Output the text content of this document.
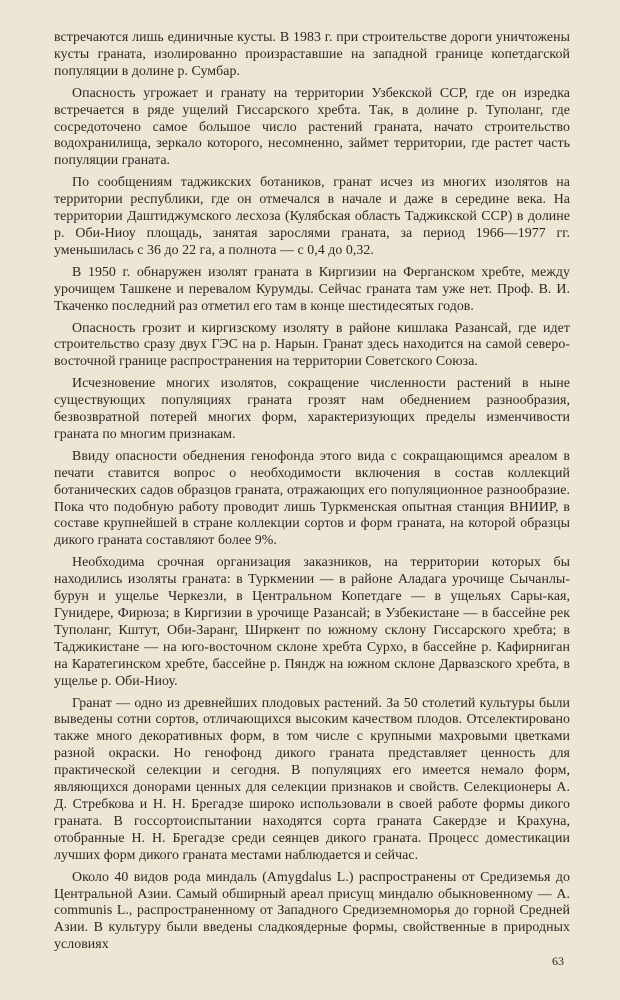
встречаются лишь единичные кусты. В 1983 г. при строительстве дороги уничтожены кусты граната, изолированно произраставшие на западной границе копетдагской популяции в долине р. Сумбар.

Опасность угрожает и гранату на территории Узбекской ССР, где он изредка встречается в ряде ущелий Гиссарского хребта. Так, в долине р. Туполанг, где сосредоточено самое большое число растений граната, начато строительство водохранилища, зеркало которого, несомненно, займет территории, где растет часть популяции граната.

По сообщениям таджикских ботаников, гранат исчез из многих изолятов на территории республики, где он отмечался в начале и даже в середине века. На территории Даштиджумского лесхоза (Кулябская область Таджикской ССР) в долине р. Оби-Ниоу площадь, занятая зарослями граната, за период 1966—1977 гг. уменьшилась с 36 до 22 га, а полнота — с 0,4 до 0,32.

В 1950 г. обнаружен изолят граната в Киргизии на Ферганском хребте, между урочищем Ташкене и перевалом Курумды. Сейчас граната там уже нет. Проф. В. И. Ткаченко последний раз отметил его там в конце шестидесятых годов.

Опасность грозит и киргизскому изоляту в районе кишлака Разансай, где идет строительство сразу двух ГЭС на р. Нарын. Гранат здесь находится на самой северо-восточной границе распространения на территории Советского Союза.

Исчезновение многих изолятов, сокращение численности растений в ныне существующих популяциях граната грозят нам обеднением разнообразия, безвозвратной потерей многих форм, характеризующих пределы изменчивости граната по многим признакам.

Ввиду опасности обеднения генофонда этого вида с сокращающимся ареалом в печати ставится вопрос о необходимости включения в состав коллекций ботанических садов образцов граната, отражающих его популяционное разнообразие. Пока что подобную работу проводит лишь Туркменская опытная станция ВНИИР, в составе крупнейшей в стране коллекции сортов и форм граната, на которой образцы дикого граната составляют более 9%.

Необходима срочная организация заказников, на территории которых бы находились изоляты граната: в Туркмении — в районе Аладага урочище Сычанлы-бурун и ущелье Черкезли, в Центральном Копетдаге — в ущельях Сары-кая, Гунидере, Фирюза; в Киргизии в урочище Разансай; в Узбекистане — в бассейне рек Туполанг, Кштут, Оби-Заранг, Ширкент по южному склону Гиссарского хребта; в Таджикистане — на юго-восточном склоне хребта Сурхо, в бассейне р. Кафирниган на Каратегинском хребте, бассейне р. Пяндж на южном склоне Дарвазского хребта, в ущелье р. Оби-Ниоу.

Гранат — одно из древнейших плодовых растений. За 50 столетий культуры были выведены сотни сортов, отличающихся высоким качеством плодов. Отселектировано также много декоративных форм, в том числе с крупными махровыми цветками разной окраски. Но генофонд дикого граната представляет ценность для практической селекции и сегодня. В популяциях его имеется немало форм, являющихся донорами ценных для селекции признаков и свойств. Селекционеры А. Д. Стребкова и Н. Н. Брегадзе широко использовали в своей работе формы дикого граната. В госсортоиспытании находятся сорта граната Сакердзе и Крахуна, отобранные Н. Н. Брегадзе среди сеянцев дикого граната. Процесс доместикации лучших форм дикого граната местами наблюдается и сейчас.

Около 40 видов рода миндаль (Amygdalus L.) распространены от Средиземья до Центральной Азии. Самый обширный ареал присущ миндалю обыкновенному — A. communis L., распространенному от Западного Средиземноморья до горной Средней Азии. В культуру были введены сладкоядерные формы, свойственные в природных условиях

63
